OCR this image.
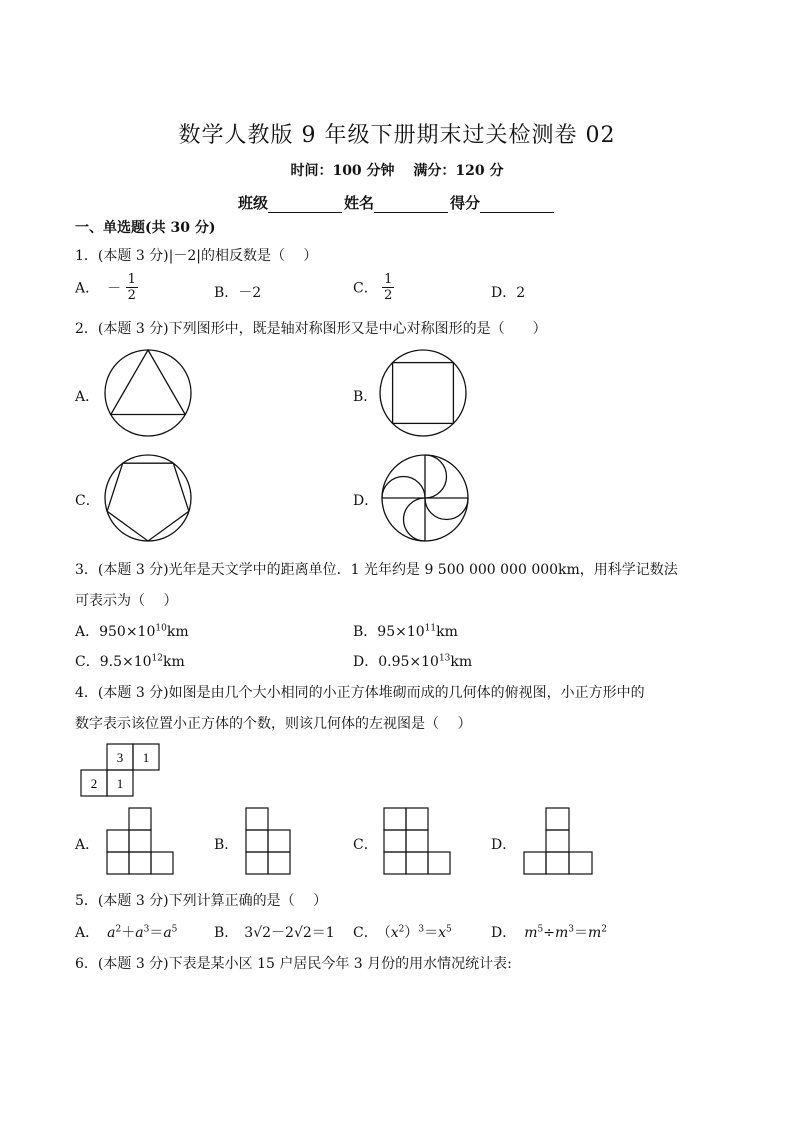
数学人教版 9 年级下册期末过关检测卷 02
时间：100 分钟　 满分：120 分
班级	姓名	得分
一、单选题(共 30 分)
1．(本题 3 分)|－2|的相反数是（　 ）
A． － $\frac{1}{2}$	B．－2	C． $\frac{1}{2}$	D．2
2．(本题 3 分)下列图形中，既是轴对称图形又是中心对称图形的是（　　）
A．	B．
C．	D．
3．(本题 3 分)光年是天文学中的距离单位．1 光年约是 9 500 000 000 000km，用科学记数法
可表示为（　 ）
A．$950\times 10^{10}km$	B．$95\times 10^{11}km$
C．$9.5\times 10^{12}km$	D．$0.95\times 10^{13}km$
4．(本题 3 分)如图是由几个大小相同的小正方体堆砌而成的几何体的俯视图，小正方形中的
数字表示该位置小正方体的个数，则该几何体的左视图是（　 ）
3 1
2 1
A．	B．	C．	D．
5．(本题 3 分)下列计算正确的是（　 ）
A． $a^2+a^3=a^5$	B． 3√2－2√2＝1 C． $(x^2)^3=x^5$	D． $m^5\div m^3=m^2$
6．(本题 3 分)下表是某小区 15 户居民今年 3 月份的用水情况统计表:
